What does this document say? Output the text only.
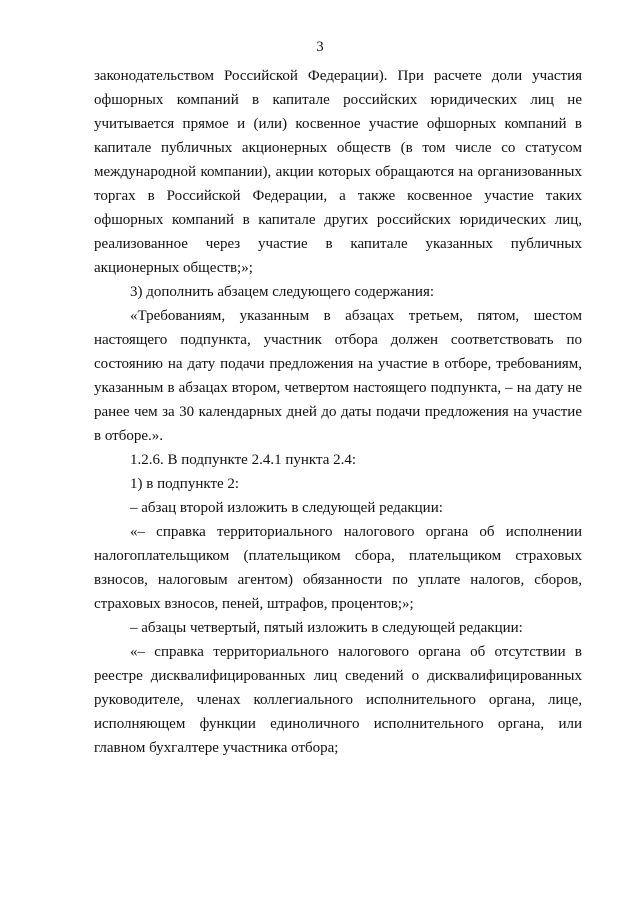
3

законодательством Российской Федерации). При расчете доли участия офшорных компаний в капитале российских юридических лиц не учитывается прямое и (или) косвенное участие офшорных компаний в капитале публичных акционерных обществ (в том числе со статусом международной компании), акции которых обращаются на организованных торгах в Российской Федерации, а также косвенное участие таких офшорных компаний в капитале других российских юридических лиц, реализованное через участие в капитале указанных публичных акционерных обществ;»;

3) дополнить абзацем следующего содержания:

«Требованиям, указанным в абзацах третьем, пятом, шестом настоящего подпункта, участник отбора должен соответствовать по состоянию на дату подачи предложения на участие в отборе, требованиям, указанным в абзацах втором, четвертом настоящего подпункта, – на дату не ранее чем за 30 календарных дней до даты подачи предложения на участие в отборе.».

1.2.6. В подпункте 2.4.1 пункта 2.4:

1) в подпункте 2:

– абзац второй изложить в следующей редакции:

«– справка территориального налогового органа об исполнении налогоплательщиком (плательщиком сбора, плательщиком страховых взносов, налоговым агентом) обязанности по уплате налогов, сборов, страховых взносов, пеней, штрафов, процентов;»;

– абзацы четвертый, пятый изложить в следующей редакции:

«– справка территориального налогового органа об отсутствии в реестре дисквалифицированных лиц сведений о дисквалифицированных руководителе, членах коллегиального исполнительного органа, лице, исполняющем функции единоличного исполнительного органа, или главном бухгалтере участника отбора;
